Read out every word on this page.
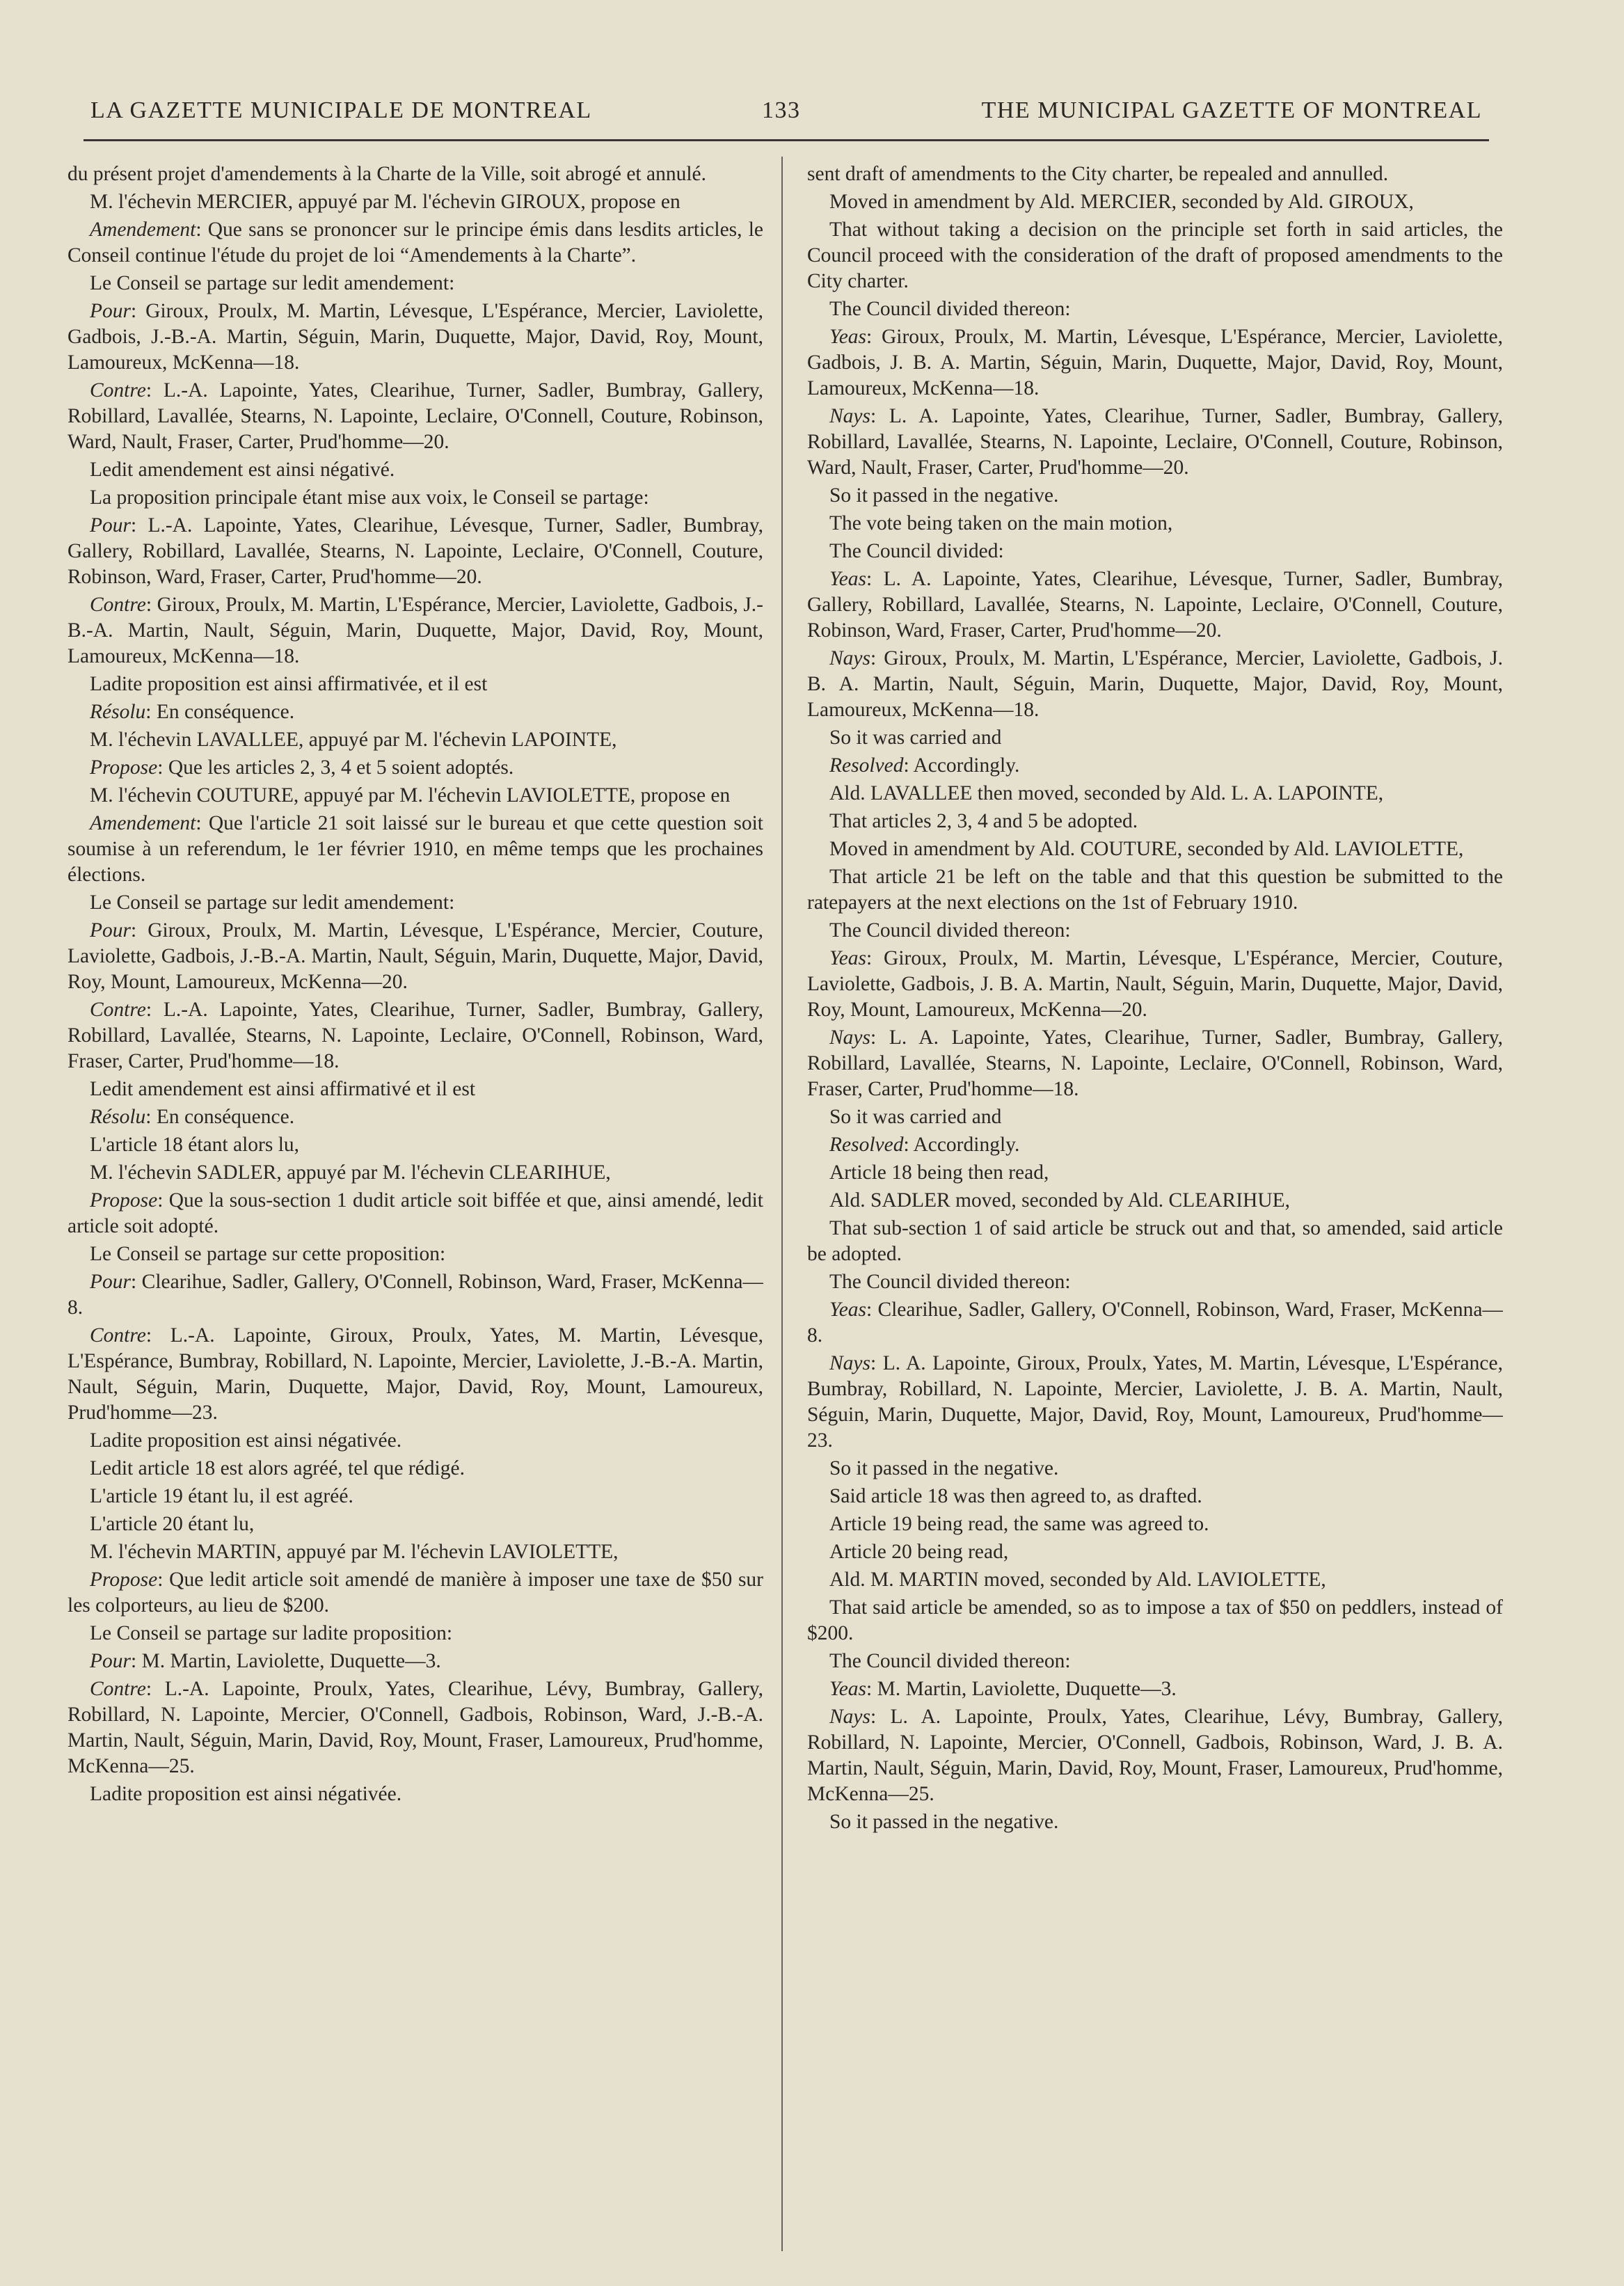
LA GAZETTE MUNICIPALE DE MONTREAL	133	THE MUNICIPAL GAZETTE OF MONTREAL

du présent projet d'amendements à la Charte de la Ville, soit abrogé et annulé.

M. l'échevin MERCIER, appuyé par M. l'échevin GIROUX, propose en

Amendement: Que sans se prononcer sur le principe émis dans lesdits articles, le Conseil continue l'étude du projet de loi “Amendements à la Charte”.

Le Conseil se partage sur ledit amendement:

Pour: Giroux, Proulx, M. Martin, Lévesque, L'Espérance, Mercier, Laviolette, Gadbois, J.-B.-A. Martin, Séguin, Marin, Duquette, Major, David, Roy, Mount, Lamoureux, McKenna—18.

Contre: L.-A. Lapointe, Yates, Clearihue, Turner, Sadler, Bumbray, Gallery, Robillard, Lavallée, Stearns, N. Lapointe, Leclaire, O'Connell, Couture, Robinson, Ward, Nault, Fraser, Carter, Prud'homme—20.

Ledit amendement est ainsi négativé.

La proposition principale étant mise aux voix, le Conseil se partage:

Pour: L.-A. Lapointe, Yates, Clearihue, Lévesque, Turner, Sadler, Bumbray, Gallery, Robillard, Lavallée, Stearns, N. Lapointe, Leclaire, O'Connell, Couture, Robinson, Ward, Fraser, Carter, Prud'homme—20.

Contre: Giroux, Proulx, M. Martin, L'Espérance, Mercier, Laviolette, Gadbois, J.-B.-A. Martin, Nault, Séguin, Marin, Duquette, Major, David, Roy, Mount, Lamoureux, McKenna—18.

Ladite proposition est ainsi affirmativée, et il est

Résolu: En conséquence.

M. l'échevin LAVALLEE, appuyé par M. l'échevin LAPOINTE,

Propose: Que les articles 2, 3, 4 et 5 soient adoptés.

M. l'échevin COUTURE, appuyé par M. l'échevin LAVIOLETTE, propose en

Amendement: Que l'article 21 soit laissé sur le bureau et que cette question soit soumise à un referendum, le 1er février 1910, en même temps que les prochaines élections.

Le Conseil se partage sur ledit amendement:

Pour: Giroux, Proulx, M. Martin, Lévesque, L'Espérance, Mercier, Couture, Laviolette, Gadbois, J.-B.-A. Martin, Nault, Séguin, Marin, Duquette, Major, David, Roy, Mount, Lamoureux, McKenna—20.

Contre: L.-A. Lapointe, Yates, Clearihue, Turner, Sadler, Bumbray, Gallery, Robillard, Lavallée, Stearns, N. Lapointe, Leclaire, O'Connell, Robinson, Ward, Fraser, Carter, Prud'homme—18.

Ledit amendement est ainsi affirmativé et il est

Résolu: En conséquence.

L'article 18 étant alors lu,

M. l'échevin SADLER, appuyé par M. l'échevin CLEARIHUE,

Propose: Que la sous-section 1 dudit article soit biffée et que, ainsi amendé, ledit article soit adopté.

Le Conseil se partage sur cette proposition:

Pour: Clearihue, Sadler, Gallery, O'Connell, Robinson, Ward, Fraser, McKenna—8.

Contre: L.-A. Lapointe, Giroux, Proulx, Yates, M. Martin, Lévesque, L'Espérance, Bumbray, Robillard, N. Lapointe, Mercier, Laviolette, J.-B.-A. Martin, Nault, Séguin, Marin, Duquette, Major, David, Roy, Mount, Lamoureux, Prud'homme—23.

Ladite proposition est ainsi négativée.

Ledit article 18 est alors agréé, tel que rédigé.

L'article 19 étant lu, il est agréé.

L'article 20 étant lu,

M. l'échevin MARTIN, appuyé par M. l'échevin LAVIOLETTE,

Propose: Que ledit article soit amendé de manière à imposer une taxe de $50 sur les colporteurs, au lieu de $200.

Le Conseil se partage sur ladite proposition:

Pour: M. Martin, Laviolette, Duquette—3.

Contre: L.-A. Lapointe, Proulx, Yates, Clearihue, Lévy, Bumbray, Gallery, Robillard, N. Lapointe, Mercier, O'Connell, Gadbois, Robinson, Ward, J.-B.-A. Martin, Nault, Séguin, Marin, David, Roy, Mount, Fraser, Lamoureux, Prud'homme, McKenna—25.

Ladite proposition est ainsi négativée.

sent draft of amendments to the City charter, be repealed and annulled.

Moved in amendment by Ald. MERCIER, seconded by Ald. GIROUX,

That without taking a decision on the principle set forth in said articles, the Council proceed with the consideration of the draft of proposed amendments to the City charter.

The Council divided thereon:

Yeas: Giroux, Proulx, M. Martin, Lévesque, L'Espérance, Mercier, Laviolette, Gadbois, J. B. A. Martin, Séguin, Marin, Duquette, Major, David, Roy, Mount, Lamoureux, McKenna—18.

Nays: L. A. Lapointe, Yates, Clearihue, Turner, Sadler, Bumbray, Gallery, Robillard, Lavallée, Stearns, N. Lapointe, Leclaire, O'Connell, Couture, Robinson, Ward, Nault, Fraser, Carter, Prud'homme—20.

So it passed in the negative.

The vote being taken on the main motion,

The Council divided:

Yeas: L. A. Lapointe, Yates, Clearihue, Lévesque, Turner, Sadler, Bumbray, Gallery, Robillard, Lavallée, Stearns, N. Lapointe, Leclaire, O'Connell, Couture, Robinson, Ward, Fraser, Carter, Prud'homme—20.

Nays: Giroux, Proulx, M. Martin, L'Espérance, Mercier, Laviolette, Gadbois, J. B. A. Martin, Nault, Séguin, Marin, Duquette, Major, David, Roy, Mount, Lamoureux, McKenna—18.

So it was carried and

Resolved: Accordingly.

Ald. LAVALLEE then moved, seconded by Ald. L. A. LAPOINTE,

That articles 2, 3, 4 and 5 be adopted.

Moved in amendment by Ald. COUTURE, seconded by Ald. LAVIOLETTE,

That article 21 be left on the table and that this question be submitted to the ratepayers at the next elections on the 1st of February 1910.

The Council divided thereon:

Yeas: Giroux, Proulx, M. Martin, Lévesque, L'Espérance, Mercier, Couture, Laviolette, Gadbois, J. B. A. Martin, Nault, Séguin, Marin, Duquette, Major, David, Roy, Mount, Lamoureux, McKenna—20.

Nays: L. A. Lapointe, Yates, Clearihue, Turner, Sadler, Bumbray, Gallery, Robillard, Lavallée, Stearns, N. Lapointe, Leclaire, O'Connell, Robinson, Ward, Fraser, Carter, Prud'homme—18.

So it was carried and

Resolved: Accordingly.

Article 18 being then read,

Ald. SADLER moved, seconded by Ald. CLEARIHUE,

That sub-section 1 of said article be struck out and that, so amended, said article be adopted.

The Council divided thereon:

Yeas: Clearihue, Sadler, Gallery, O'Connell, Robinson, Ward, Fraser, McKenna—8.

Nays: L. A. Lapointe, Giroux, Proulx, Yates, M. Martin, Lévesque, L'Espérance, Bumbray, Robillard, N. Lapointe, Mercier, Laviolette, J. B. A. Martin, Nault, Séguin, Marin, Duquette, Major, David, Roy, Mount, Lamoureux, Prud'homme—23.

So it passed in the negative.

Said article 18 was then agreed to, as drafted.

Article 19 being read, the same was agreed to.

Article 20 being read,

Ald. M. MARTIN moved, seconded by Ald. LAVIOLETTE,

That said article be amended, so as to impose a tax of $50 on peddlers, instead of $200.

The Council divided thereon:

Yeas: M. Martin, Laviolette, Duquette—3.

Nays: L. A. Lapointe, Proulx, Yates, Clearihue, Lévy, Bumbray, Gallery, Robillard, N. Lapointe, Mercier, O'Connell, Gadbois, Robinson, Ward, J. B. A. Martin, Nault, Séguin, Marin, David, Roy, Mount, Fraser, Lamoureux, Prud'homme, McKenna—25.

So it passed in the negative.
